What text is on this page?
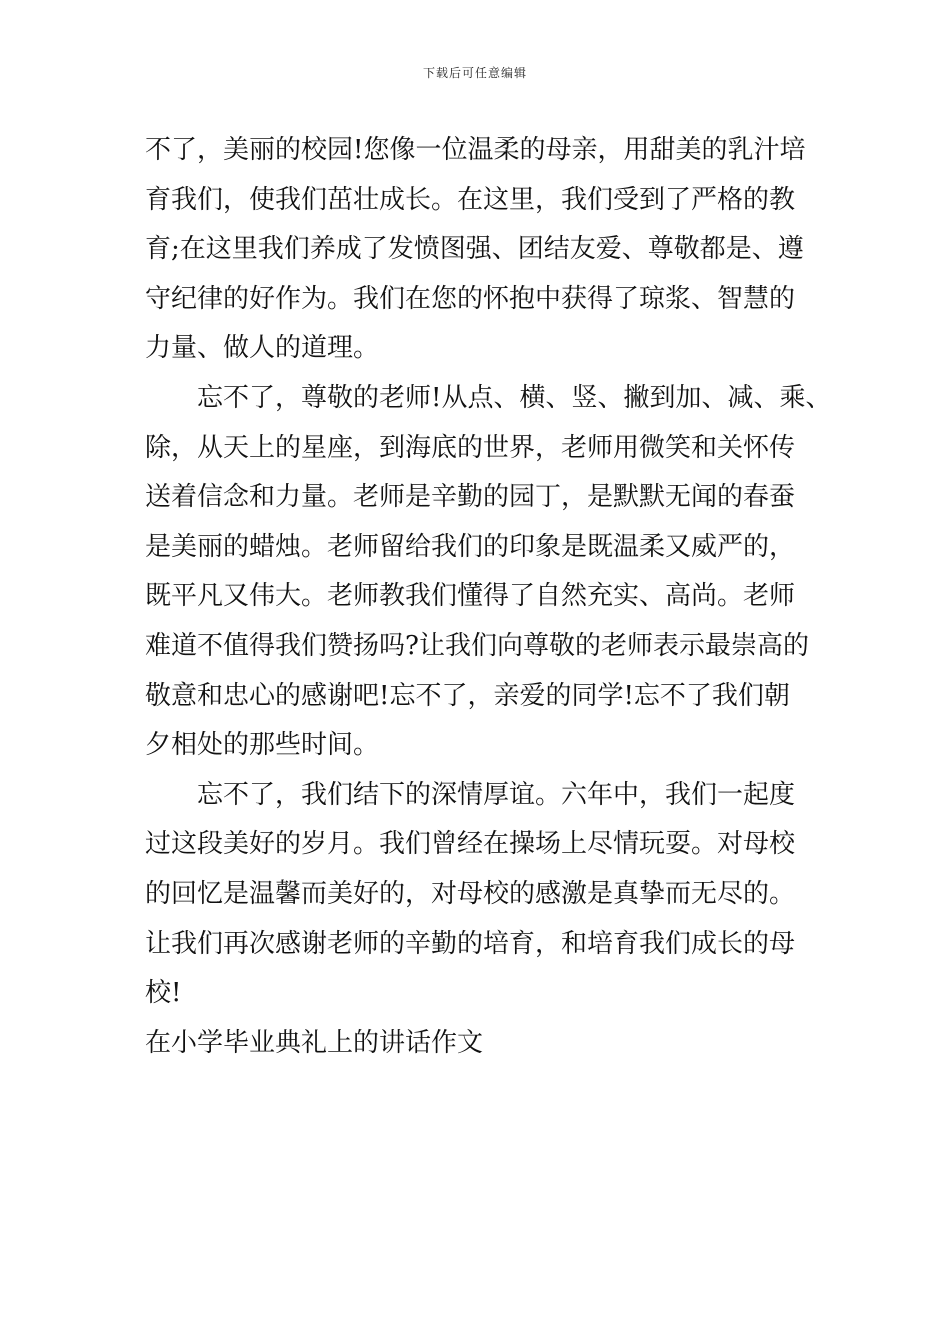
下载后可任意编辑
不了，美丽的校园!您像一位温柔的母亲，用甜美的乳汁培
育我们，使我们茁壮成长。在这里，我们受到了严格的教
育;在这里我们养成了发愤图强、团结友爱、尊敬都是、遵
守纪律的好作为。我们在您的怀抱中获得了琼浆、智慧的
力量、做人的道理。
忘不了，尊敬的老师!从点、横、竖、撇到加、减、乘、
除，从天上的星座，到海底的世界，老师用微笑和关怀传
送着信念和力量。老师是辛勤的园丁，是默默无闻的春蚕
是美丽的蜡烛。老师留给我们的印象是既温柔又威严的，
既平凡又伟大。老师教我们懂得了自然充实、高尚。老师
难道不值得我们赞扬吗?让我们向尊敬的老师表示最崇高的
敬意和忠心的感谢吧!忘不了，亲爱的同学!忘不了我们朝
夕相处的那些时间。
忘不了，我们结下的深情厚谊。六年中，我们一起度
过这段美好的岁月。我们曾经在操场上尽情玩耍。对母校
的回忆是温馨而美好的，对母校的感激是真挚而无尽的。
让我们再次感谢老师的辛勤的培育，和培育我们成长的母
校!
在小学毕业典礼上的讲话作文
